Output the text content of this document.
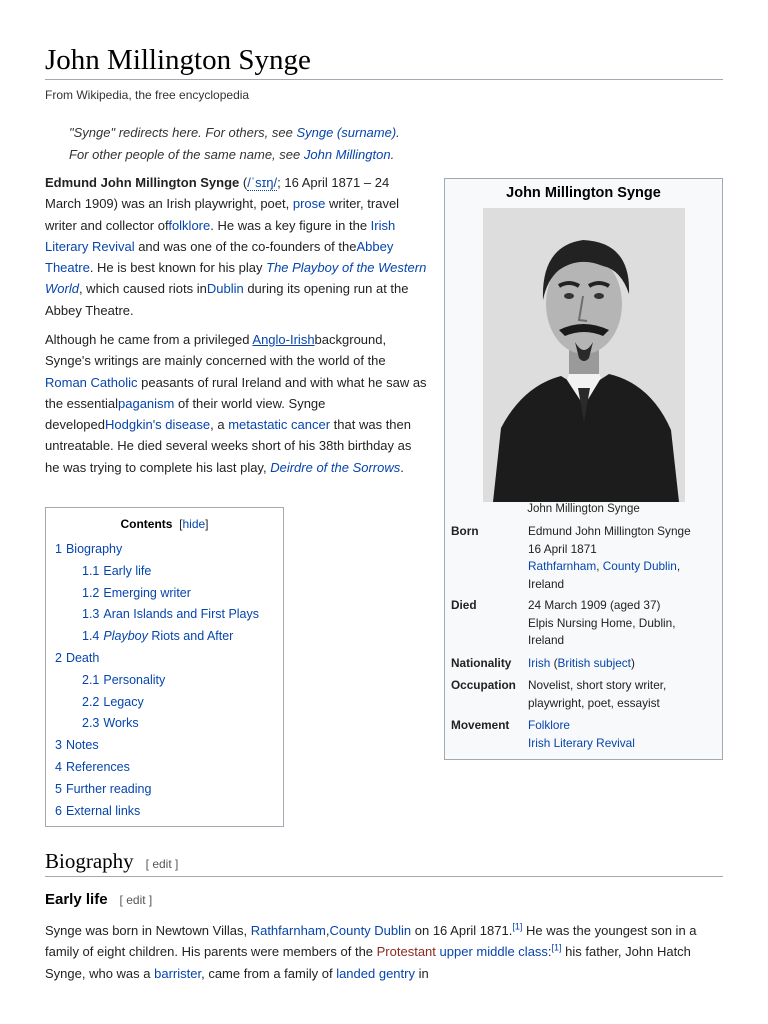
John Millington Synge
From Wikipedia, the free encyclopedia
"Synge" redirects here. For others, see Synge (surname).
For other people of the same name, see John Millington.

Edmund John Millington Synge (/ˈsɪŋ/; 16 April 1871 – 24 March 1909) was an Irish playwright, poet, prose writer, travel writer and collector offolklore. He was a key figure in the Irish Literary Revival and was one of the co-founders of theAbbey Theatre. He is best known for his play The Playboy of the Western World, which caused riots inDublin during its opening run at the Abbey Theatre.

Although he came from a privileged Anglo-Irishbackground, Synge's writings are mainly concerned with the world of the Roman Catholic peasants of rural Ireland and with what he saw as the essentialpaganism of their world view. Synge developedHodgkin's disease, a metastatic cancer that was then untreatable. He died several weeks short of his 38th birthday as he was trying to complete his last play, Deirdre of the Sorrows.

Contents [hide]
1 Biography
1.1 Early life
1.2 Emerging writer
1.3 Aran Islands and First Plays
1.4 Playboy Riots and After
2 Death
2.1 Personality
2.2 Legacy
2.3 Works
3 Notes
4 References
5 Further reading
6 External links
John Millington Synge
John Millington Synge
Born	Edmund John Millington Synge
16 April 1871
Rathfarnham, County Dublin,
Ireland
Died	24 March 1909 (aged 37)
Elpis Nursing Home, Dublin, Ireland
Nationality	Irish (British subject)
Occupation	Novelist, short story writer, playwright, poet, essayist
Movement	Folklore
Irish Literary Revival
Biography [ edit ]
Early life [ edit ]

Synge was born in Newtown Villas, Rathfarnham,County Dublin on 16 April 1871.[1] He was the youngest son in a family of eight children. His parents were members of the Protestant upper middle class:[1] his father, John Hatch Synge, who was a barrister, came from a family of landed gentry in
